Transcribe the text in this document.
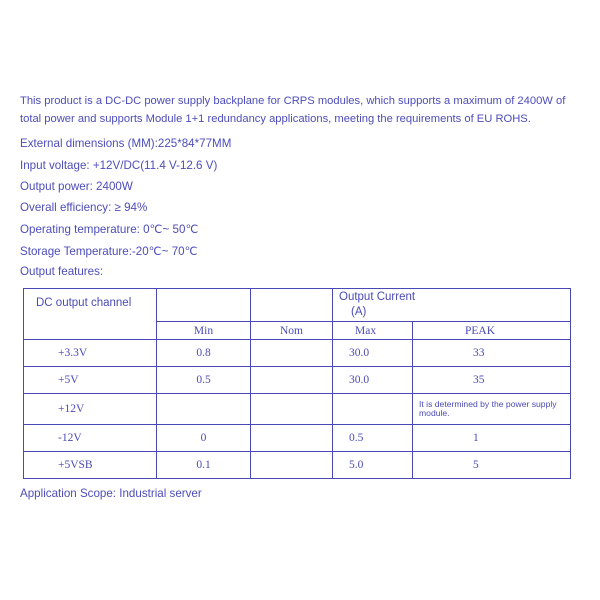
This product is a DC-DC power supply backplane for CRPS modules, which supports a maximum of 2400W of total power and supports Module 1+1 redundancy applications, meeting the requirements of EU ROHS.
External dimensions (MM):225*84*77MM
Input voltage: +12V/DC(11.4 V-12.6 V)
Output power: 2400W
Overall efficiency: ≥ 94%
Operating temperature: 0℃~ 50℃
Storage Temperature:-20℃~ 70℃
Output features:
DC output channel			Output Current
(A)	

	Min	Nom	Max	PEAK
+3.3V	0.8		30.0	33
+5V	0.5		30.0	35
+12V				It is determined by the power supply module.
-12V	0		0.5	1
+5VSB	0.1		5.0	5
Application Scope: Industrial server
